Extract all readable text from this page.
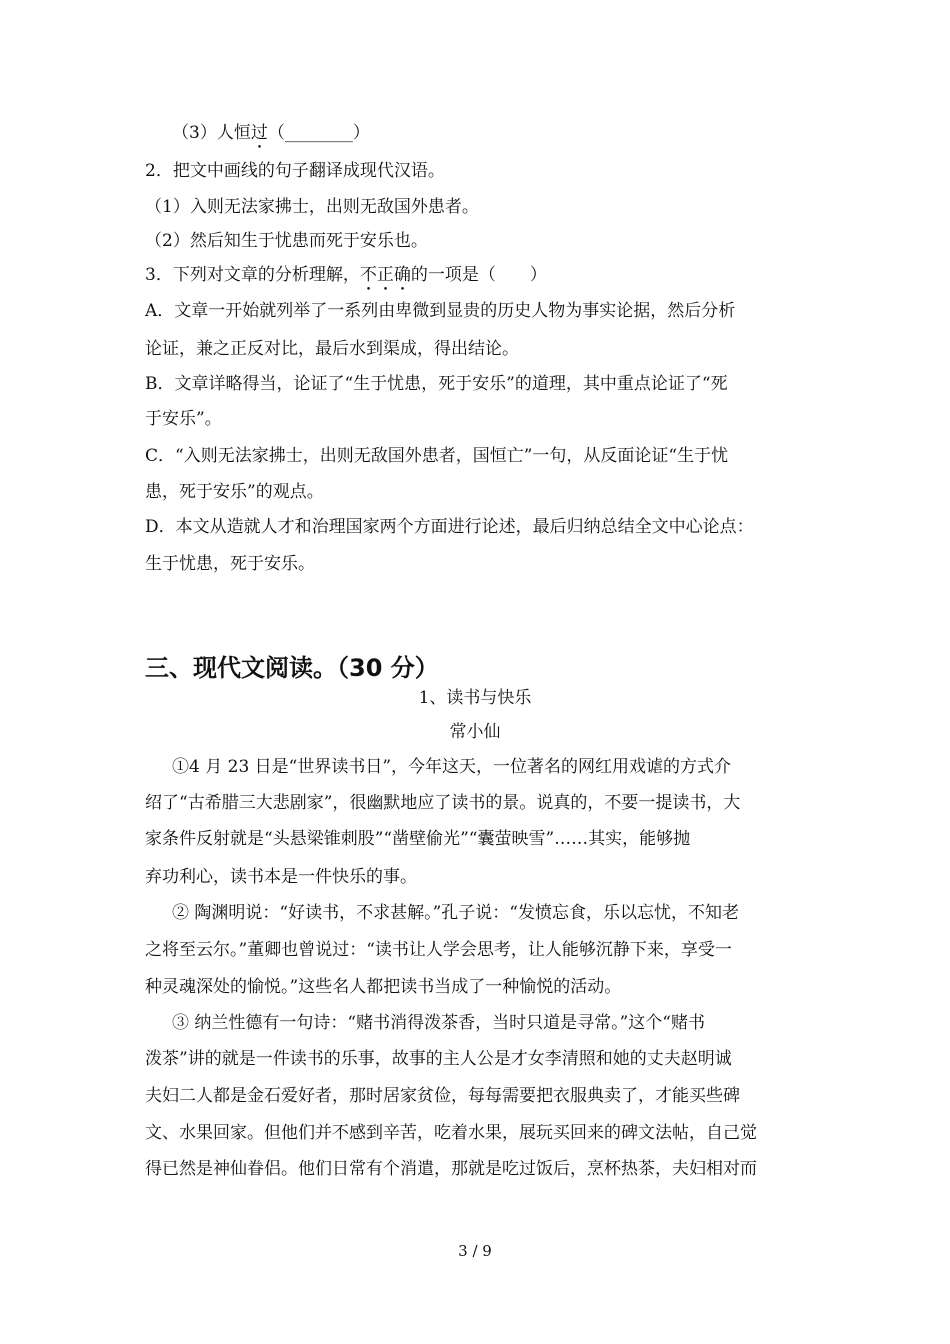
（3）人恒过（________）
2．把文中画线的句子翻译成现代汉语。
（1）入则无法家拂士，出则无敌国外患者。
（2）然后知生于忧患而死于安乐也。
3．下列对文章的分析理解，不正确的一项是（　　）
A．文章一开始就列举了一系列由卑微到显贵的历史人物为事实论据，然后分析
论证，兼之正反对比，最后水到渠成，得出结论。
B．文章详略得当，论证了“生于忧患，死于安乐”的道理，其中重点论证了“死
于安乐”。
C．“入则无法家拂士，出则无敌国外患者，国恒亡”一句，从反面论证“生于忧
患，死于安乐”的观点。
D．本文从造就人才和治理国家两个方面进行论述，最后归纳总结全文中心论点：
生于忧患，死于安乐。
三、现代文阅读。（30 分）
1、读书与快乐
常小仙
①4 月 23 日是“世界读书日”，今年这天，一位著名的网红用戏谑的方式介
绍了“古希腊三大悲剧家”，很幽默地应了读书的景。说真的，不要一提读书，大
家条件反射就是“头悬梁锥刺股”“凿壁偷光”“囊萤映雪”……其实，能够抛
弃功利心，读书本是一件快乐的事。
② 陶渊明说：“好读书，不求甚解。”孔子说：“发愤忘食，乐以忘忧，不知老
之将至云尔。”董卿也曾说过：“读书让人学会思考，让人能够沉静下来，享受一
种灵魂深处的愉悦。”这些名人都把读书当成了一种愉悦的活动。
③ 纳兰性德有一句诗：“赌书消得泼茶香，当时只道是寻常。”这个“赌书
泼茶”讲的就是一件读书的乐事，故事的主人公是才女李清照和她的丈夫赵明诚
夫妇二人都是金石爱好者，那时居家贫俭，每每需要把衣服典卖了，才能买些碑
文、水果回家。但他们并不感到辛苦，吃着水果，展玩买回来的碑文法帖，自己觉
得已然是神仙眷侣。他们日常有个消遣，那就是吃过饭后，烹杯热茶，夫妇相对而
3 / 9
